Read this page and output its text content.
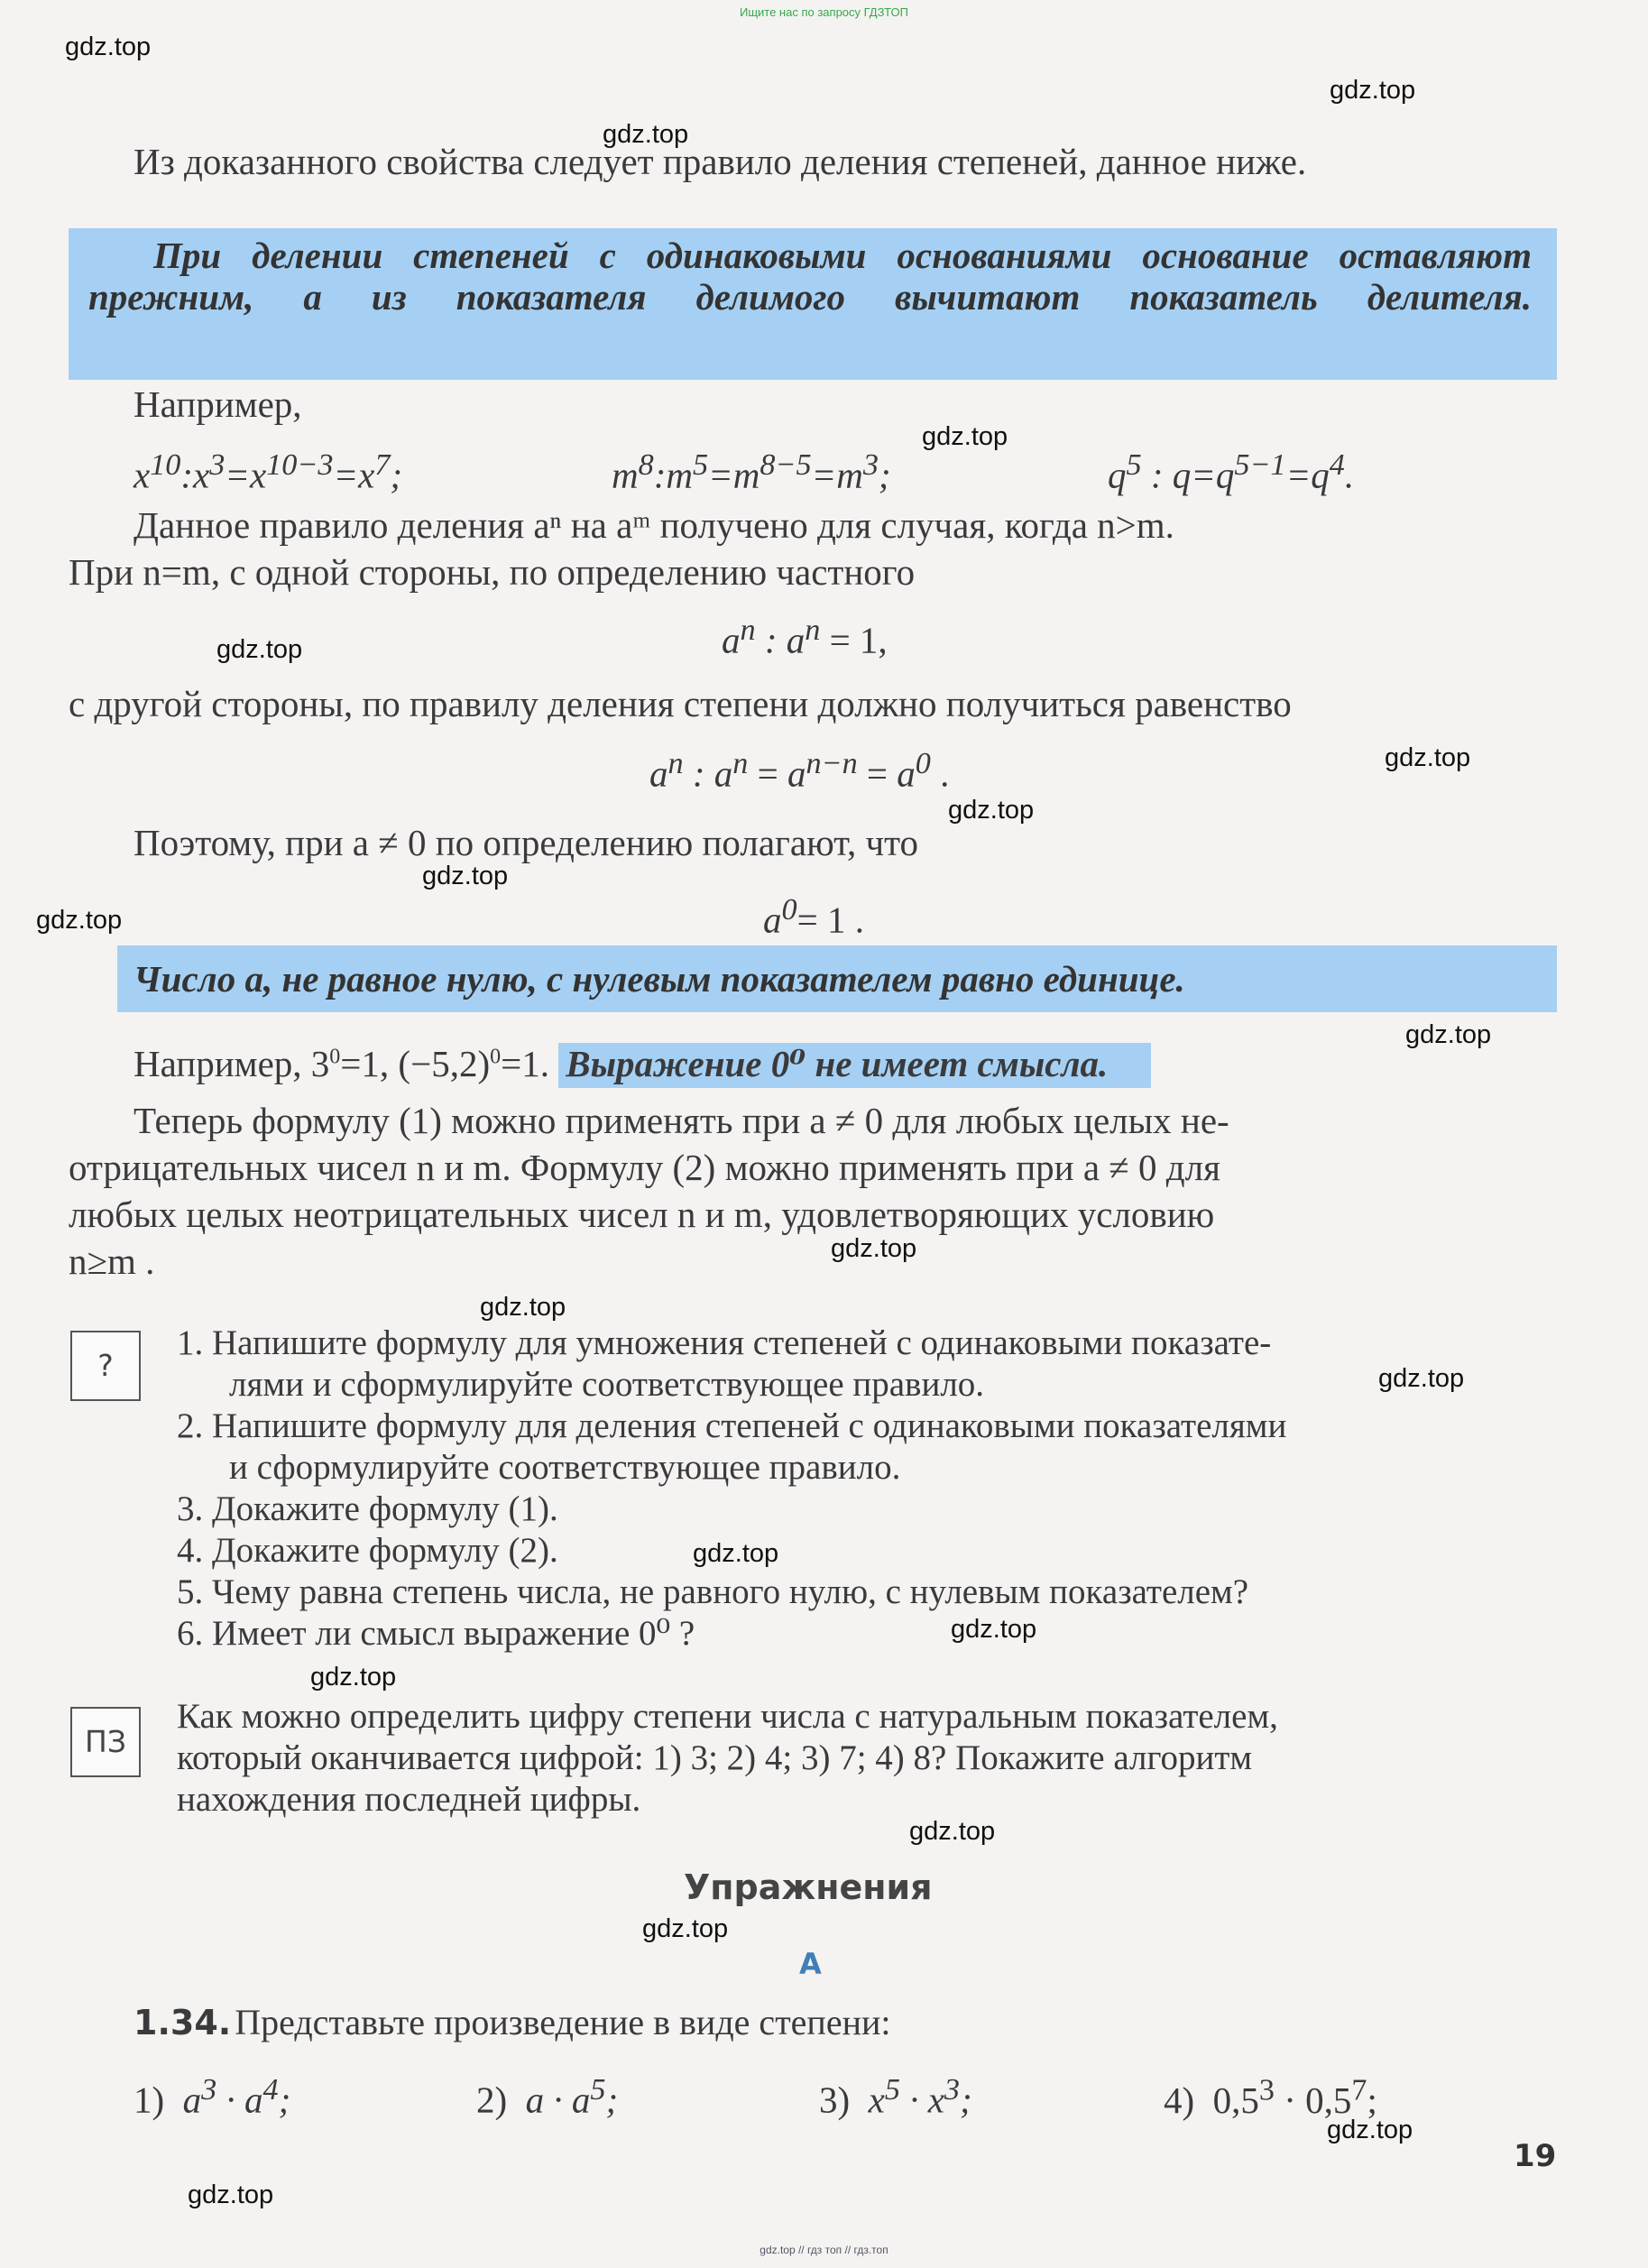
Ищите нас по запросу ГДЗТОП
gdz.top
gdz.top
gdz.top
gdz.top
gdz.top
gdz.top
gdz.top
gdz.top
gdz.top
gdz.top
gdz.top
gdz.top
gdz.top
gdz.top
gdz.top
gdz.top
gdz.top
gdz.top
gdz.top
gdz.top
Из доказанного свойства следует правило деления степеней, данное ниже.
При делении степеней с одинаковыми основаниями основание оставляют прежним, а из показателя делимого вычитают показатель делителя.
Например,
$x^{10}:x^3=x^{10-3}=x^7$;	$m^8:m^5=m^{8-5}=m^3$;	$q^5$ : $q=q^{5-1}=q^4$.
Данное правило деления aⁿ на aᵐ получено для случая, когда n>m.
При n=m, с одной стороны, по определению частного
$a^n$ : $a^n = 1$,
с другой стороны, по правилу деления степени должно получиться равенство
$a^n$ : $a^n = a^{n-n} = a^0$ .
Поэтому, при a ≠ 0 по определению полагают, что
$a^0= 1$ .
Число a, не равное нулю, с нулевым показателем равно единице.
Например, $3^0=1$, $(-5,2)^0=1$. Выражение 0⁰ не имеет смысла.
Теперь формулу (1) можно применять при a ≠ 0 для любых целых не-
отрицательных чисел n и m. Формулу (2) можно применять при a ≠ 0 для
любых целых неотрицательных чисел n и m, удовлетворяющих условию
n≥m .
?
1. Напишите формулу для умножения степеней с одинаковыми показате-
лями и сформулируйте соответствующее правило.
2. Напишите формулу для деления степеней с одинаковыми показателями
и сформулируйте соответствующее правило.
3. Докажите формулу (1).
4. Докажите формулу (2).
5. Чему равна степень числа, не равного нулю, с нулевым показателем?
6. Имеет ли смысл выражение 0⁰ ?
ПЗ
Как можно определить цифру степени числа с натуральным показателем,
который оканчивается цифрой: 1) 3; 2) 4; 3) 7; 4) 8? Покажите алгоритм
нахождения последней цифры.
Упражнения
A
1.34. Представьте произведение в виде степени:
1)  $a^3 \cdot a^4$;	2)  $a \cdot a^5$;	3)  $x^5 \cdot x^3$;	4)  $0,5^3 \cdot 0,5^7$;
19
gdz.top // гдз топ // гдз.топ
